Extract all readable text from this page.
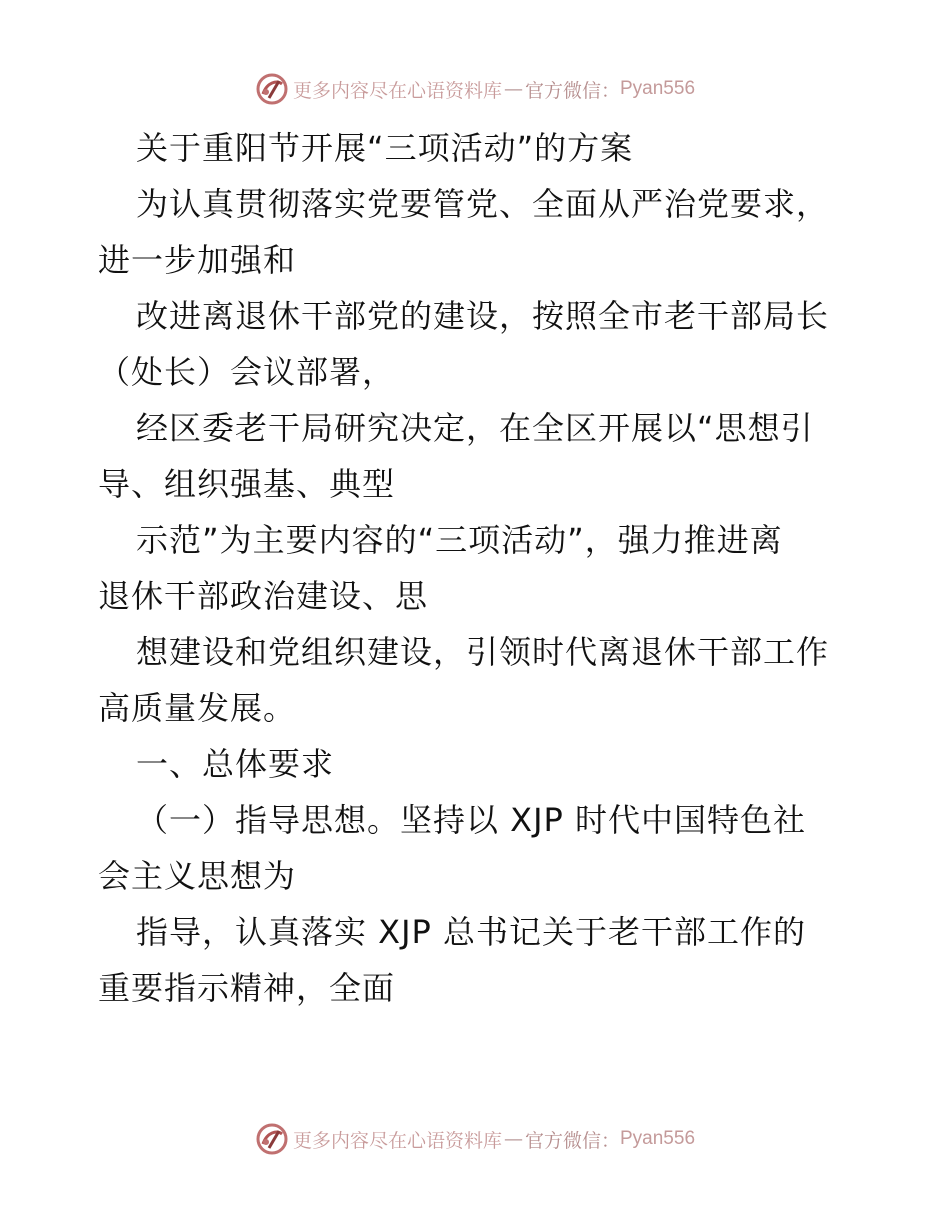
更多内容尽在心语资料库 — 官方微信： Pyan556

关于重阳节开展“三项活动”的方案

为认真贯彻落实党要管党、全面从严治党要求，

进一步加强和

改进离退休干部党的建设，按照全市老干部局长

（处长）会议部署，

经区委老干局研究决定，在全区开展以“思想引

导、组织强基、典型

示范”为主要内容的“三项活动”，强力推进离

退休干部政治建设、思

想建设和党组织建设，引领时代离退休干部工作

高质量发展。

一、总体要求

（一）指导思想。坚持以 XJP 时代中国特色社

会主义思想为

指导，认真落实 XJP 总书记关于老干部工作的

重要指示精神，全面

更多内容尽在心语资料库 — 官方微信： Pyan556
